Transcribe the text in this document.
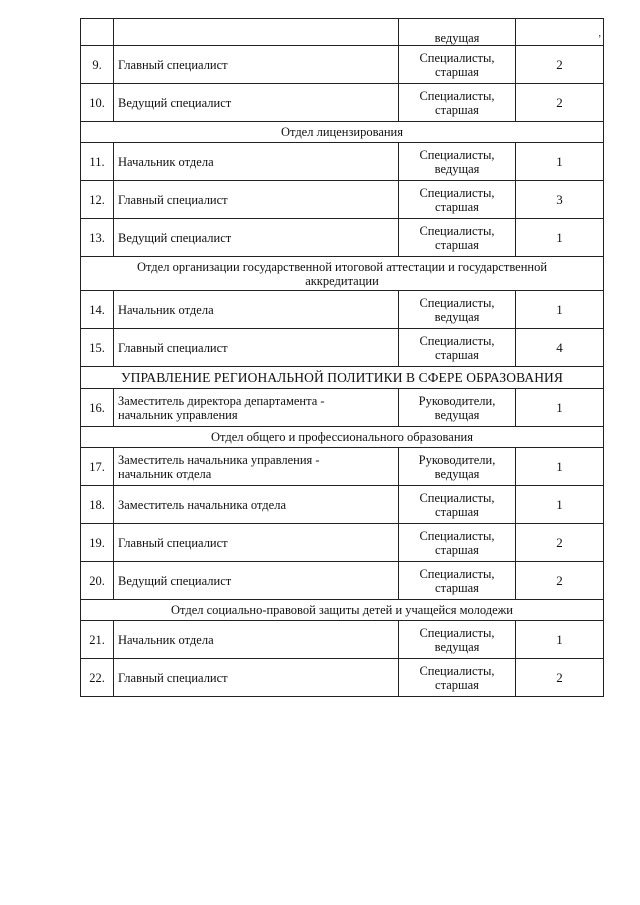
		ведущая	,

9.	Главный специалист	Специалисты,
старшая	2
10.	Ведущий специалист	Специалисты,
старшая	2
Отдел лицензирования			
11.	Начальник отдела	Специалисты,
ведущая	1
12.	Главный специалист	Специалисты,
старшая	3
13.	Ведущий специалист	Специалисты,
старшая	1
Отдел организации государственной итоговой аттестации и государственной
аккредитации			
14.	Начальник отдела	Специалисты,
ведущая	1
15.	Главный специалист	Специалисты,
старшая	4
УПРАВЛЕНИЕ РЕГИОНАЛЬНОЙ ПОЛИТИКИ В СФЕРЕ ОБРАЗОВАНИЯ			
16.	Заместитель директора департамента -
начальник управления	Руководители,
ведущая	1
Отдел общего и профессионального образования			
17.	Заместитель начальника управления -
начальник отдела	Руководители,
ведущая	1
18.	Заместитель начальника отдела	Специалисты,
старшая	1
19.	Главный специалист	Специалисты,
старшая	2
20.	Ведущий специалист	Специалисты,
старшая	2
Отдел социально-правовой защиты детей и учащейся молодежи			
21.	Начальник отдела	Специалисты,
ведущая	1
22.	Главный специалист	Специалисты,
старшая	2
